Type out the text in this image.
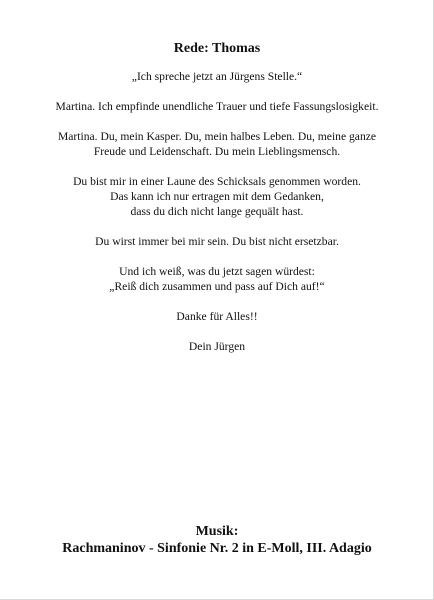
Rede: Thomas

„Ich spreche jetzt an Jürgens Stelle.“

Martina. Ich empfinde unendliche Trauer und tiefe Fassungslosigkeit.

Martina. Du, mein Kasper. Du, mein halbes Leben. Du, meine ganze
Freude und Leidenschaft. Du mein Lieblingsmensch.

Du bist mir in einer Laune des Schicksals genommen worden.
Das kann ich nur ertragen mit dem Gedanken,
dass du dich nicht lange gequält hast.

Du wirst immer bei mir sein. Du bist nicht ersetzbar.

Und ich weiß, was du jetzt sagen würdest:
„Reiß dich zusammen und pass auf Dich auf!“

Danke für Alles!!

Dein Jürgen

Musik:
Rachmaninov - Sinfonie Nr. 2 in E-Moll, III. Adagio
